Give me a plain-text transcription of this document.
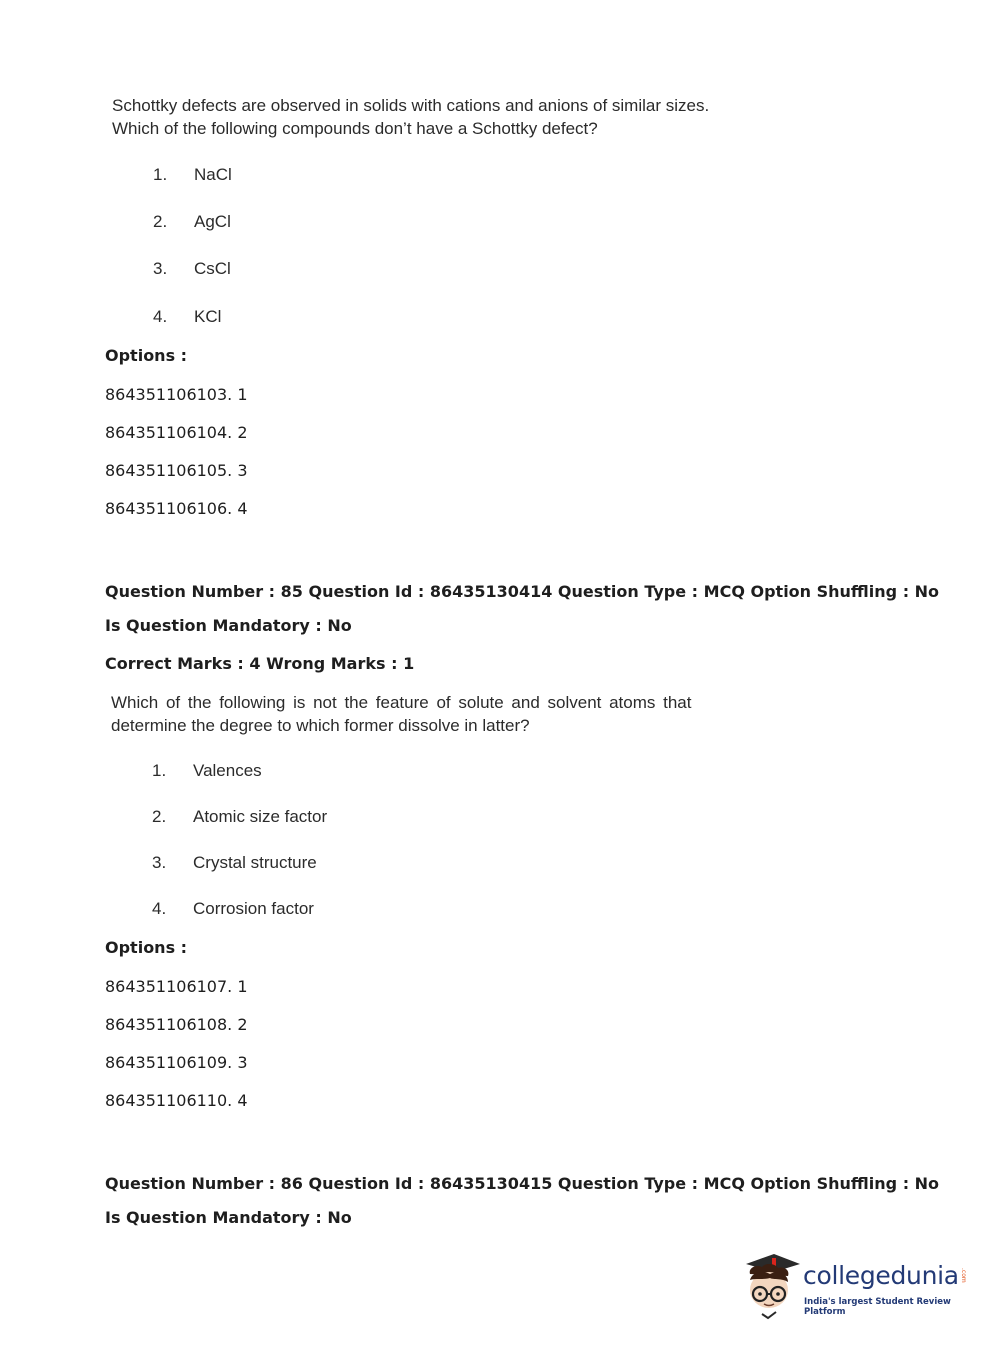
Schottky defects are observed in solids with cations and anions of similar sizes.
Which of the following compounds don’t have a Schottky defect?
1. NaCl
2. AgCl
3. CsCl
4. KCl
Options :
864351106103. 1
864351106104. 2
864351106105. 3
864351106106. 4
Question Number : 85 Question Id : 86435130414 Question Type : MCQ Option Shuffling : No
Is Question Mandatory : No
Correct Marks : 4 Wrong Marks : 1
Which of the following is not the feature of solute and solvent atoms that
determine the degree to which former dissolve in latter?
1. Valences
2. Atomic size factor
3. Crystal structure
4. Corrosion factor
Options :
864351106107. 1
864351106108. 2
864351106109. 3
864351106110. 4
Question Number : 86 Question Id : 86435130415 Question Type : MCQ Option Shuffling : No
Is Question Mandatory : No
collegedunia .com
India's largest Student Review Platform
